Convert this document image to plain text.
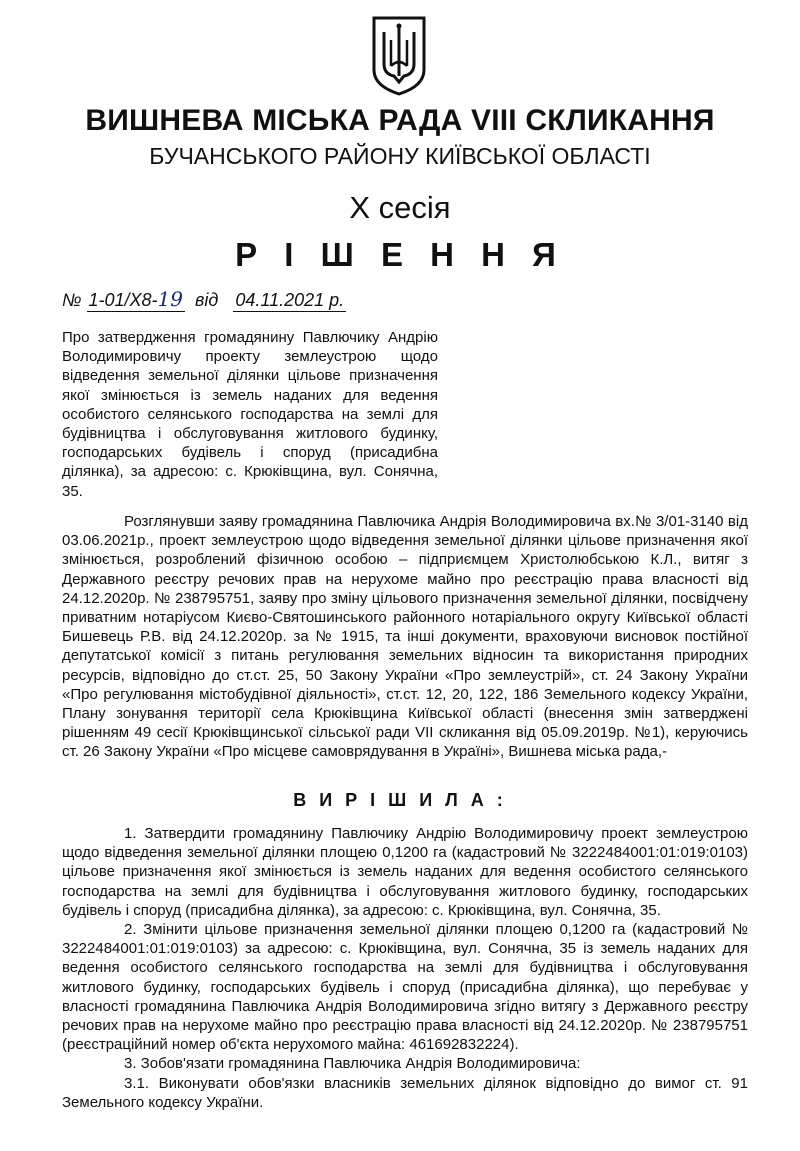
ВИШНЕВА МІСЬКА РАДА VIII СКЛИКАННЯ
БУЧАНСЬКОГО РАЙОНУ КИЇВСЬКОЇ ОБЛАСТІ
X сесія
Р І Ш Е Н Н Я
№ 1-01/X8-19 від 04.11.2021 р.
Про затвердження громадянину Павлючику Андрію Володимировичу проекту землеустрою щодо відведення земельної ділянки цільове призначення якої змінюється із земель наданих для ведення особистого селянського господарства на землі для будівництва і обслуговування житлового будинку, господарських будівель і споруд (присадибна ділянка), за адресою: с. Крюківщина, вул. Сонячна, 35.

Розглянувши заяву громадянина Павлючика Андрія Володимировича вх.№ 3/01-3140 від 03.06.2021р., проект землеустрою щодо відведення земельної ділянки цільове призначення якої змінюється, розроблений фізичною особою – підприємцем Христолюбською К.Л., витяг з Державного реєстру речових прав на нерухоме майно про реєстрацію права власності від 24.12.2020р. № 238795751, заяву про зміну цільового призначення земельної ділянки, посвідчену приватним нотаріусом Києво-Святошинського районного нотаріального округу Київської області Бишевець Р.В. від 24.12.2020р. за № 1915, та інші документи, враховуючи висновок постійної депутатської комісії з питань регулювання земельних відносин та використання природних ресурсів, відповідно до ст.ст. 25, 50 Закону України «Про землеустрій», ст. 24 Закону України «Про регулювання містобудівної діяльності», ст.ст. 12, 20, 122, 186 Земельного кодексу України, Плану зонування території села Крюківщина Київської області (внесення змін затверджені рішенням 49 сесії Крюківщинської сільської ради VII скликання від 05.09.2019р. №1), керуючись ст. 26 Закону України «Про місцеве самоврядування в Україні», Вишнева міська рада,-

В И Р І Ш И Л А :

1. Затвердити громадянину Павлючику Андрію Володимировичу проект землеустрою щодо відведення земельної ділянки площею 0,1200 га (кадастровий № 3222484001:01:019:0103) цільове призначення якої змінюється із земель наданих для ведення особистого селянського господарства на землі для будівництва і обслуговування житлового будинку, господарських будівель і споруд (присадибна ділянка), за адресою: с. Крюківщина, вул. Сонячна, 35.

2. Змінити цільове призначення земельної ділянки площею 0,1200 га (кадастровий № 3222484001:01:019:0103) за адресою: с. Крюківщина, вул. Сонячна, 35 із земель наданих для ведення особистого селянського господарства на землі для будівництва і обслуговування житлового будинку, господарських будівель і споруд (присадибна ділянка), що перебуває у власності громадянина Павлючика Андрія Володимировича згідно витягу з Державного реєстру речових прав на нерухоме майно про реєстрацію права власності від 24.12.2020р. № 238795751 (реєстраційний номер об'єкта нерухомого майна: 461692832224).

3. Зобов'язати громадянина Павлючика Андрія Володимировича:

3.1. Виконувати обов'язки власників земельних ділянок відповідно до вимог ст. 91 Земельного кодексу України.
